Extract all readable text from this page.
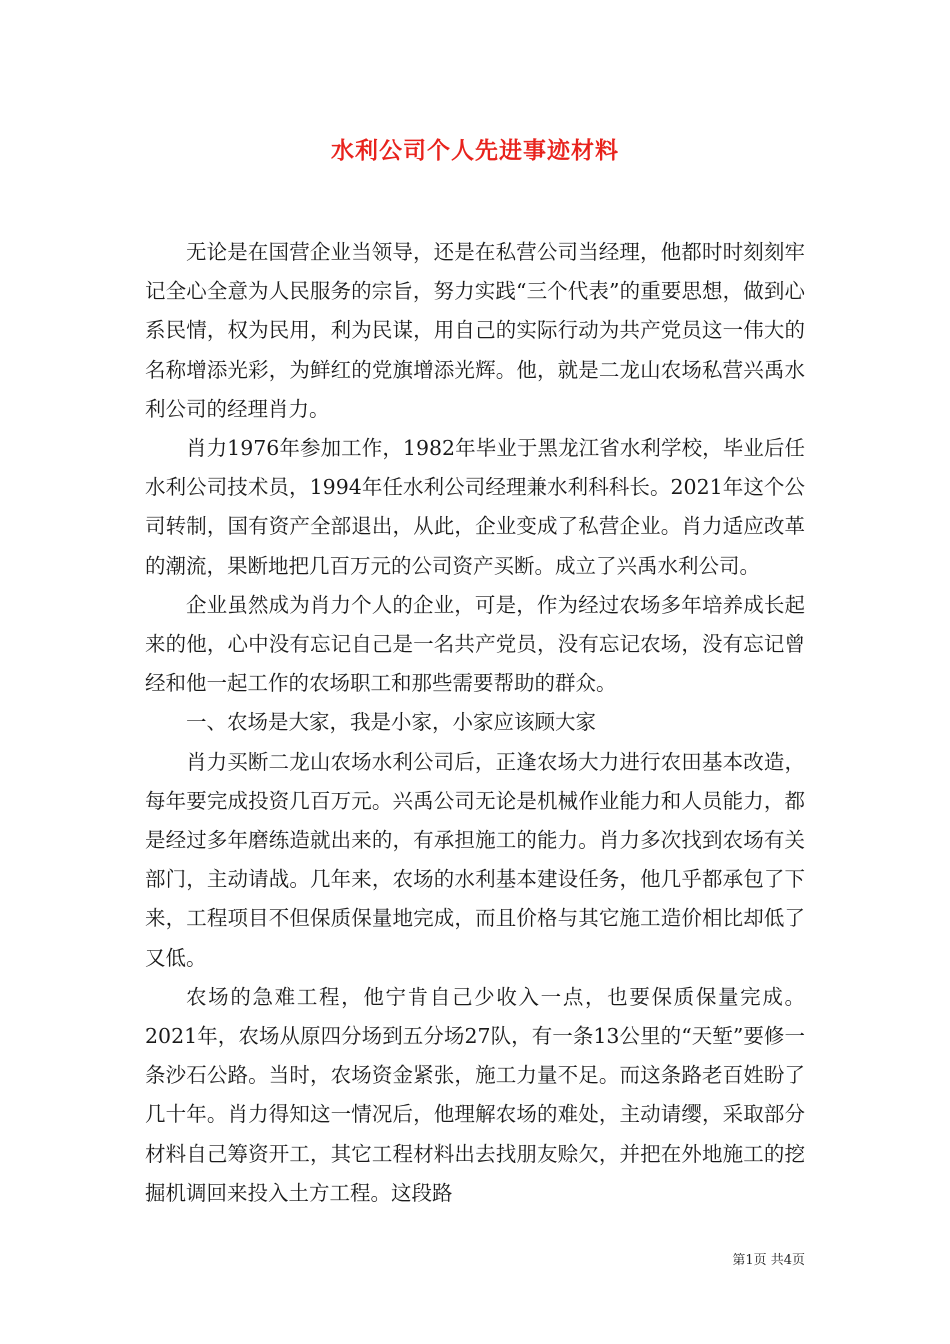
水利公司个人先进事迹材料

无论是在国营企业当领导，还是在私营公司当经理，他都时时刻刻牢记全心全意为人民服务的宗旨，努力实践“三个代表”的重要思想，做到心系民情，权为民用，利为民谋，用自己的实际行动为共产党员这一伟大的名称增添光彩，为鲜红的党旗增添光辉。他，就是二龙山农场私营兴禹水利公司的经理肖力。

肖力1976年参加工作，1982年毕业于黑龙江省水利学校，毕业后任水利公司技术员，1994年任水利公司经理兼水利科科长。2021年这个公司转制，国有资产全部退出，从此，企业变成了私营企业。肖力适应改革的潮流，果断地把几百万元的公司资产买断。成立了兴禹水利公司。

企业虽然成为肖力个人的企业，可是，作为经过农场多年培养成长起来的他，心中没有忘记自己是一名共产党员，没有忘记农场，没有忘记曾经和他一起工作的农场职工和那些需要帮助的群众。

一、农场是大家，我是小家，小家应该顾大家

肖力买断二龙山农场水利公司后，正逢农场大力进行农田基本改造，每年要完成投资几百万元。兴禹公司无论是机械作业能力和人员能力，都是经过多年磨练造就出来的，有承担施工的能力。肖力多次找到农场有关部门，主动请战。几年来，农场的水利基本建设任务，他几乎都承包了下来，工程项目不但保质保量地完成，而且价格与其它施工造价相比却低了又低。

农场的急难工程，他宁肯自己少收入一点，也要保质保量完成。2021年，农场从原四分场到五分场27队，有一条13公里的“天堑”要修一条沙石公路。当时，农场资金紧张，施工力量不足。而这条路老百姓盼了几十年。肖力得知这一情况后，他理解农场的难处，主动请缨，采取部分材料自己筹资开工，其它工程材料出去找朋友赊欠，并把在外地施工的挖掘机调回来投入土方工程。这段路

第1页 共4页
